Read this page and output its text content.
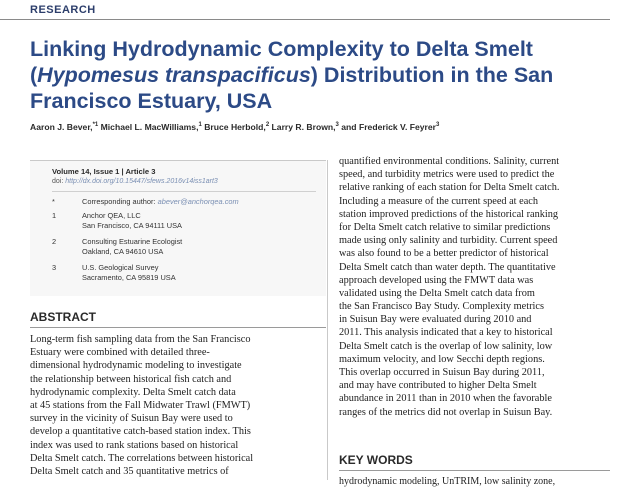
RESEARCH
Linking Hydrodynamic Complexity to Delta Smelt
(Hypomesus transpacificus) Distribution in the San
Francisco Estuary, USA

Aaron J. Bever,$^{*1}$ Michael L. MacWilliams,$^1$ Bruce Herbold,$^2$ Larry R. Brown,$^3$ and Frederick V. Feyrer$^3$

Volume 14, Issue 1 | Article 3
doi: http://dx.doi.org/10.15447/sfews.2016v14iss1art3
*	Corresponding author: abever@anchorqea.com
1	Anchor QEA, LLC
San Francisco, CA 94111 USA
2	Consulting Estuarine Ecologist
Oakland, CA 94610 USA
3	U.S. Geological Survey
Sacramento, CA 95819 USA
ABSTRACT
Long-term fish sampling data from the San Francisco
Estuary were combined with detailed three-
dimensional hydrodynamic modeling to investigate
the relationship between historical fish catch and
hydrodynamic complexity. Delta Smelt catch data
at 45 stations from the Fall Midwater Trawl (FMWT)
survey in the vicinity of Suisun Bay were used to
develop a quantitative catch-based station index. This
index was used to rank stations based on historical
Delta Smelt catch. The correlations between historical
Delta Smelt catch and 35 quantitative metrics of
quantified environmental conditions. Salinity, current
speed, and turbidity metrics were used to predict the
relative ranking of each station for Delta Smelt catch.
Including a measure of the current speed at each
station improved predictions of the historical ranking
for Delta Smelt catch relative to similar predictions
made using only salinity and turbidity. Current speed
was also found to be a better predictor of historical
Delta Smelt catch than water depth. The quantitative
approach developed using the FMWT data was
validated using the Delta Smelt catch data from
the San Francisco Bay Study. Complexity metrics
in Suisun Bay were evaluated during 2010 and
2011. This analysis indicated that a key to historical
Delta Smelt catch is the overlap of low salinity, low
maximum velocity, and low Secchi depth regions.
This overlap occurred in Suisun Bay during 2011,
and may have contributed to higher Delta Smelt
abundance in 2011 than in 2010 when the favorable
ranges of the metrics did not overlap in Suisun Bay.
KEY WORDS
hydrodynamic modeling, UnTRIM, low salinity zone,
